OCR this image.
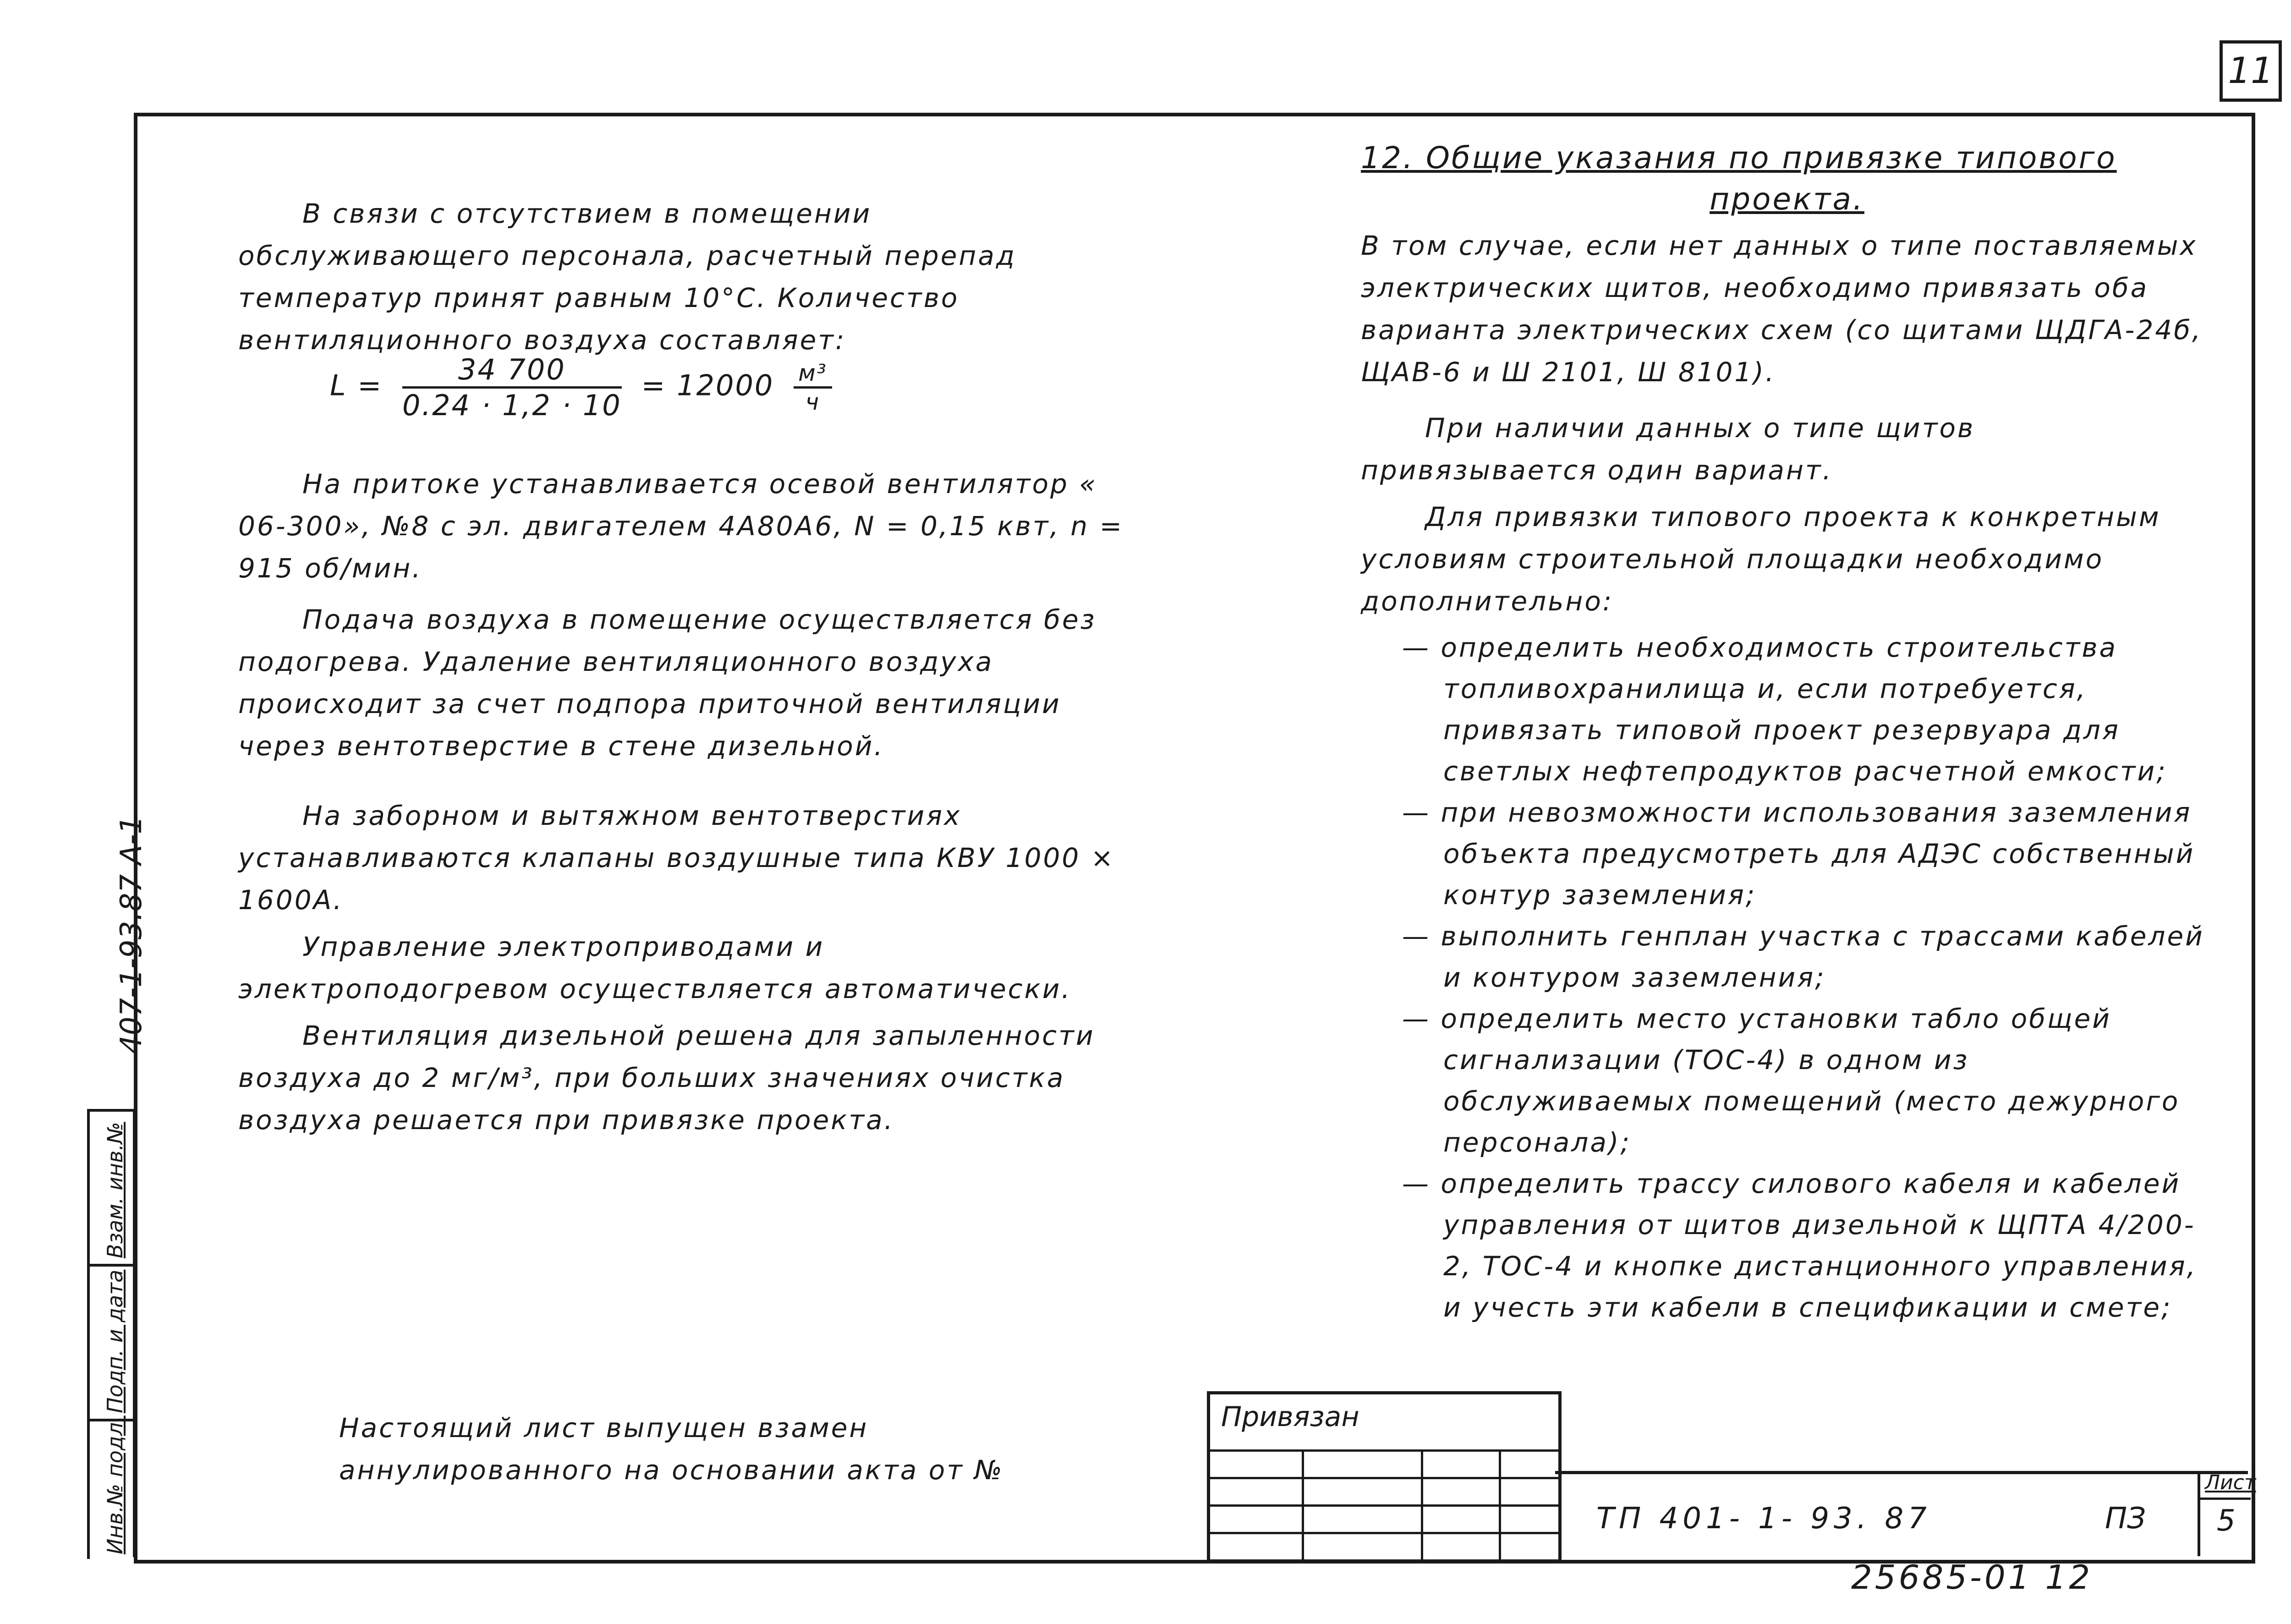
11
В связи с отсутствием в помещении обслуживающего персонала, расчетный перепад температур принят равным 10°С. Количество вентиляционного воздуха составляет:
$L = \frac{34 700}{0.24 \cdot 1,2 \cdot 10} = 12000 \frac{\text{м³}}{ч}$
На притоке устанавливается осевой вентилятор « 06-300», №8 с эл. двигателем 4А80А6, N = 0,15 квт, n = 915 об/мин.
Подача воздуха в помещение осуществляется без подогрева. Удаление вентиляционного воздуха происходит за счет подпора приточной вентиляции через вентотверстие в стене дизельной.
На заборном и вытяжном вентотверстиях устанавливаются клапаны воздушные типа КВУ 1000 × 1600А.
Управление электроприводами и электроподогревом осуществляется автоматически.
Вентиляция дизельной решена для запыленности воздуха до 2 мг/м³, при больших значениях очистка воздуха решается при привязке проекта.
Настоящий лист выпущен взамен аннулированного на основании акта от №
12. Общие указания по привязке типового
проекта.
В том случае, если нет данных о типе поставляемых электрических щитов, необходимо привязать оба варианта электрических схем (со щитами ЩДГА-24б, ЩАВ-6 и Ш 2101, Ш 8101).
При наличии данных о типе щитов привязывается один вариант.
Для привязки типового проекта к конкретным условиям строительной площадки необходимо дополнительно:
— определить необходимость строительства топливохранилища и, если потребуется, привязать типовой проект резервуара для светлых нефтепродуктов расчетной емкости;
— при невозможности использования заземления объекта предусмотреть для АДЭС собственный контур заземления;
— выполнить генплан участка с трассами кабелей и контуром заземления;
— определить место установки табло общей сигнализации (ТОС-4) в одном из обслуживаемых помещений (место дежурного персонала);
— определить трассу силового кабеля и кабелей управления от щитов дизельной к ЩПТА 4/200-2, ТОС-4 и кнопке дистанционного управления, и учесть эти кабели в спецификации и смете;
407-1-93.87 А-1
Взам. инв.№
Подп. и дата
Инв.№ подл.	Привязан
ТП 401- 1- 93. 87	ПЗ
Лист
5
25685-01 12
